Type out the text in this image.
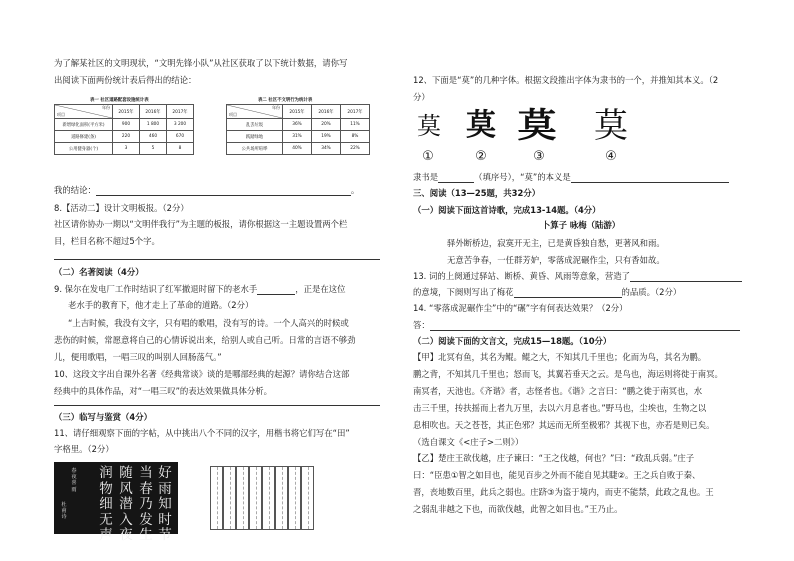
为了解某社区的文明现状，“文明先锋小队”从社区获取了以下统计数据，请你写
出阅读下面两份统计表后得出的结论：
表一 社区道路配套设施统计表
年份
项目	2015年	2016年	2017年
新增绿化面积(平方米)	900	1 800	3 200
道路修建(条)	220	460	670
公用健身器(个)	3	5	8
表二 社区不文明行为统计表
年份
项目	2015年	2016年	2017年
乱丢垃圾	36%	20%	11%
践踏绿地	31%	19%	8%
公共场所喧哗	40%	34%	22%
我的结论：	。
8.【活动二】设计文明板报。（2分）
社区请你协办一期以“文明伴我行”为主题的板报，请你根据这一主题设置两个栏
目，栏目名称不超过5个字。
（二）名著阅读（4分）
9. 保尔在发电厂工作时结识了红军撤退时留下的老水手	，正是在这位
老水手的教育下，他才走上了革命的道路。（2分）
“上吉时候，我没有文字，只有唱的歌唱，没有写的诗。一个人高兴的时候或
悲伤的时候，常愿意将自己的心情诉说出来，给别人或自己听。日常的言语不够劲
儿，便用歌唱，一唱三叹的叫别人回肠荡气。”
10、这段文字出自课外名著《经典常谈》谈的是哪部经典的起源？请你结合这部
经典中的具体作品，对“一唱三叹”的表达效果做具体分析。
（三）临写与鉴赏（4分）
11、请仔细观察下面的字帖，从中挑出八个不同的汉字，用楷书将它们写在“田”
字格里。（2分）
好雨知时节
当春乃发生
随风潜入夜
润物细无声
春夜喜雨
杜甫诗
12、下面是“莫”的几种字体。根据文段推出字体为隶书的一个，并推知其本义。（2
分）
莫 莫 莫 莫
①	②	③	④
隶书是	（填序号），“莫”的本义是
三、阅读（13—25题，共32分）
（一）阅读下面这首诗歌，完成13-14题。（4分）
卜算子 咏梅（陆游）
驿外断桥边，寂寞开无主，已是黄昏独自愁，更著风和雨。
无意苦争春，一任群芳妒，零落成泥碾作尘，只有香如故。
13. 词的上阕通过驿站、断桥、黄昏、风雨等意象，营造了
的意境，下阕则写出了梅花	的品质。（2分）
14. “零落成泥碾作尘”中的“碾”字有何表达效果？（2分）
答：
（二）阅读下面的文言文，完成15—18题。（10分）
【甲】北冥有鱼，其名为鲲。鲲之大，不知其几千里也；化而为鸟，其名为鹏。
鹏之背，不知其几千里也；怒而飞，其翼若垂天之云。是鸟也，海运则将徙于南冥。
南冥者，天池也。《齐谐》者，志怪者也。《谐》之言曰：“鹏之徙于南冥也，水
击三千里，抟扶摇而上者九万里，去以六月息者也。”野马也，尘埃也，生物之以
息相吹也。天之苍苍，其正色邪？其远而无所至极邪？其视下也，亦若是则已矣。
（选自课文《<庄子>二则》）
【乙】楚庄王欲伐越，庄子谏曰：“王之伐越，何也？”曰：“政乱兵弱。”庄子
曰：“臣患①智之如目也，能见百步之外而不能自见其睫②。王之兵自败于秦、
晋，丧地数百里，此兵之弱也。庄跻③为盗于境内，而吏不能禁，此政之乱也。王
之弱乱非越之下也，而欲伐越，此智之如目也。”王乃止。
